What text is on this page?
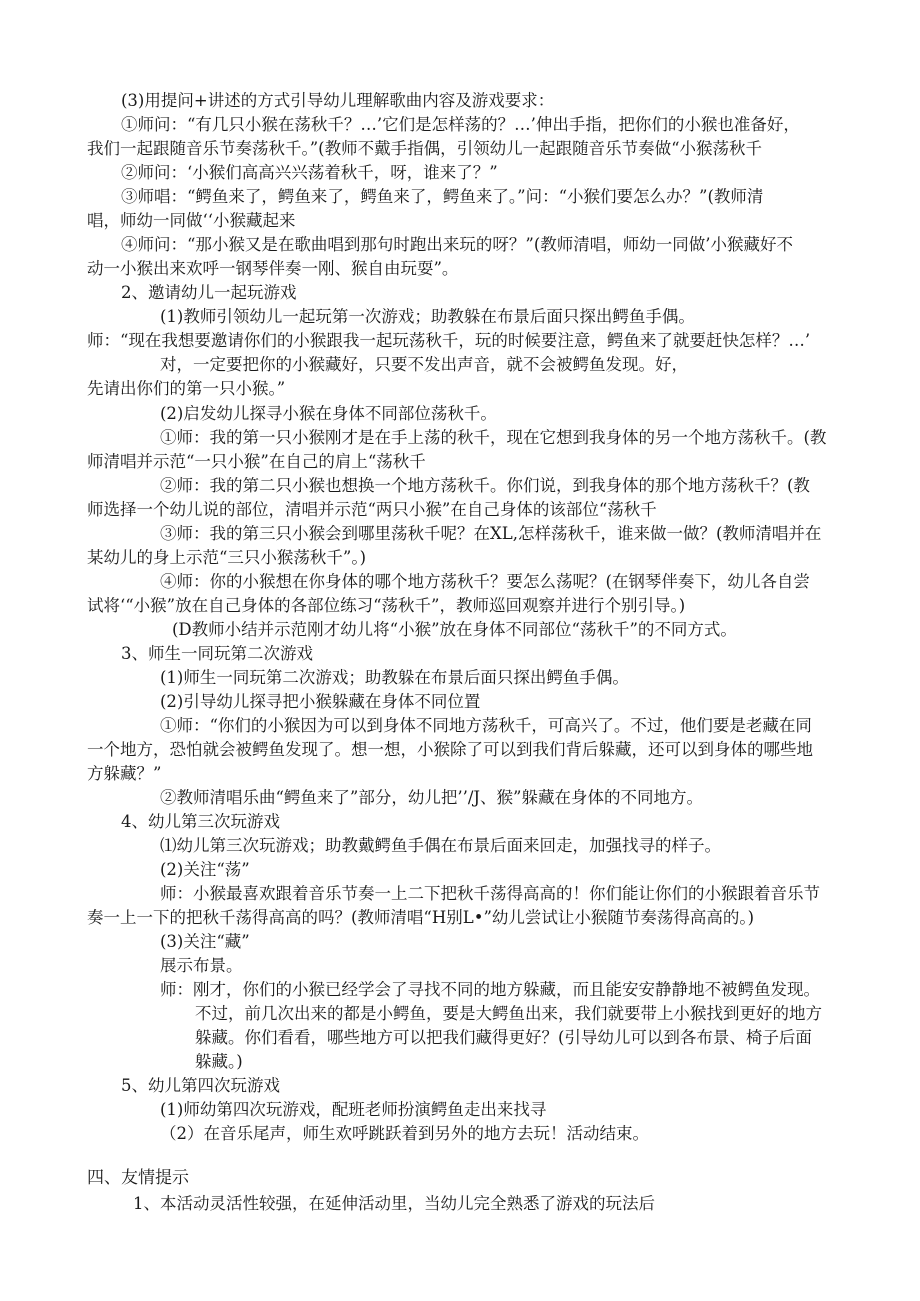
(3)用提问+讲述的方式引导幼儿理解歌曲内容及游戏要求：
①师问：“有几只小猴在荡秋千？…’它们是怎样荡的？…’伸出手指，把你们的小猴也准备好，
我们一起跟随音乐节奏荡秋千。”(教师不戴手指偶，引领幼儿一起跟随音乐节奏做“小猴荡秋千
②师问：‘小猴们高高兴兴荡着秋千，呀，谁来了？”
③师唱：“鳄鱼来了，鳄鱼来了，鳄鱼来了，鳄鱼来了。”问：“小猴们要怎么办？”(教师清
唱，师幼一同做‘‘小猴藏起来
④师问：“那小猴又是在歌曲唱到那句时跑出来玩的呀？”(教师清唱，师幼一同做’小猴藏好不
动一小猴出来欢呼一钢琴伴奏一刚、猴自由玩耍”。
2、邀请幼儿一起玩游戏
(1)教师引领幼儿一起玩第一次游戏；助教躲在布景后面只探出鳄鱼手偶。
师：“现在我想要邀请你们的小猴跟我一起玩荡秋千，玩的时候要注意，鳄鱼来了就要赶快怎样？…’
对，一定要把你的小猴藏好，只要不发出声音，就不会被鳄鱼发现。好，
先请出你们的第一只小猴。”
(2)启发幼儿探寻小猴在身体不同部位荡秋千。
①师：我的第一只小猴刚才是在手上荡的秋千，现在它想到我身体的另一个地方荡秋千。(教
师清唱并示范“一只小猴”在自己的肩上“荡秋千
②师：我的第二只小猴也想换一个地方荡秋千。你们说，到我身体的那个地方荡秋千？(教
师选择一个幼儿说的部位，清唱并示范“两只小猴”在自己身体的该部位“荡秋千
③师：我的第三只小猴会到哪里荡秋千呢？在XL,怎样荡秋千，谁来做一做？(教师清唱并在
某幼儿的身上示范“三只小猴荡秋千”。)
④师：你的小猴想在你身体的哪个地方荡秋千？要怎么荡呢？(在钢琴伴奏下，幼儿各自尝
试将‘“小猴”放在自己身体的各部位练习“荡秋千”，教师巡回观察并进行个别引导。)
(D教师小结并示范刚才幼儿将“小猴”放在身体不同部位“荡秋千”的不同方式。
3、师生一同玩第二次游戏
(1)师生一同玩第二次游戏；助教躲在布景后面只探出鳄鱼手偶。
(2)引导幼儿探寻把小猴躲藏在身体不同位置
①师：“你们的小猴因为可以到身体不同地方荡秋千，可高兴了。不过，他们要是老藏在同
一个地方，恐怕就会被鳄鱼发现了。想一想，小猴除了可以到我们背后躲藏，还可以到身体的哪些地
方躲藏？”
②教师清唱乐曲“鳄鱼来了”部分，幼儿把’’/J、猴”躲藏在身体的不同地方。
4、幼儿第三次玩游戏
⑴幼儿第三次玩游戏；助教戴鳄鱼手偶在布景后面来回走，加强找寻的样子。
(2)关注“荡”
师：小猴最喜欢跟着音乐节奏一上二下把秋千荡得高高的！你们能让你们的小猴跟着音乐节
奏一上一下的把秋千荡得高高的吗？(教师清唱“H别L•”幼儿尝试让小猴随节奏荡得高高的。)
(3)关注“藏”
展示布景。
师：刚才，你们的小猴已经学会了寻找不同的地方躲藏，而且能安安静静地不被鳄鱼发现。
不过，前几次出来的都是小鳄鱼，要是大鳄鱼出来，我们就要带上小猴找到更好的地方
躲藏。你们看看，哪些地方可以把我们藏得更好？(引导幼儿可以到各布景、椅子后面
躲藏。)
5、幼儿第四次玩游戏
(1)师幼第四次玩游戏，配班老师扮演鳄鱼走出来找寻
（2）在音乐尾声，师生欢呼跳跃着到另外的地方去玩！活动结束。
四、友情提示
1、本活动灵活性较强，在延伸活动里，当幼儿完全熟悉了游戏的玩法后
